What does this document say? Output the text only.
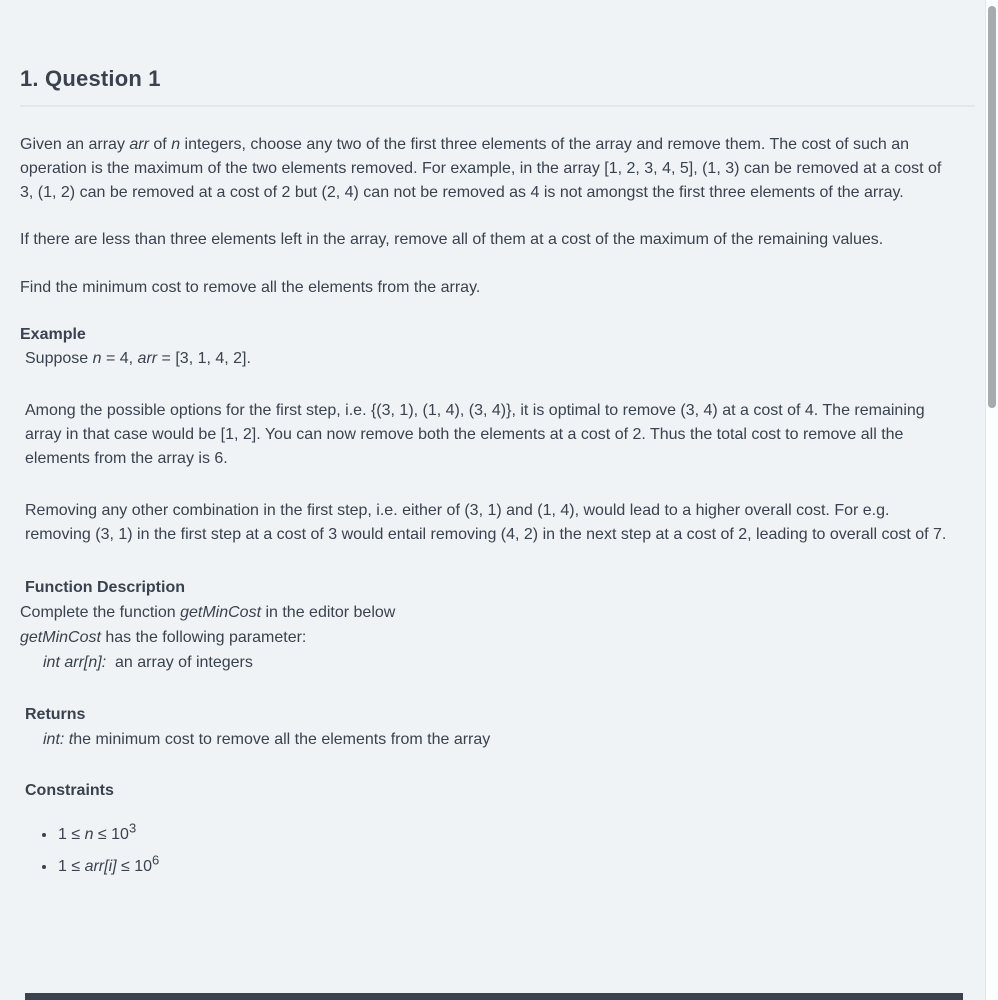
1. Question 1

Given an array arr of n integers, choose any two of the first three elements of the array and remove them. The cost of such an operation is the maximum of the two elements removed. For example, in the array [1, 2, 3, 4, 5], (1, 3) can be removed at a cost of 3, (1, 2) can be removed at a cost of 2 but (2, 4) can not be removed as 4 is not amongst the first three elements of the array.

If there are less than three elements left in the array, remove all of them at a cost of the maximum of the remaining values.

Find the minimum cost to remove all the elements from the array.

Example

Suppose n = 4, arr = [3, 1, 4, 2].

Among the possible options for the first step, i.e. {(3, 1), (1, 4), (3, 4)}, it is optimal to remove (3, 4) at a cost of 4. The remaining array in that case would be [1, 2]. You can now remove both the elements at a cost of 2. Thus the total cost to remove all the elements from the array is 6.

Removing any other combination in the first step, i.e. either of (3, 1) and (1, 4), would lead to a higher overall cost. For e.g. removing (3, 1) in the first step at a cost of 3 would entail removing (4, 2) in the next step at a cost of 2, leading to overall cost of 7.

Function Description

Complete the function getMinCost in the editor below

getMinCost has the following parameter:

int arr[n]:  an array of integers

Returns

int: the minimum cost to remove all the elements from the array

Constraints

• $1 \le n \le 10^3$
• $1 \le arr[i] \le 10^6$
